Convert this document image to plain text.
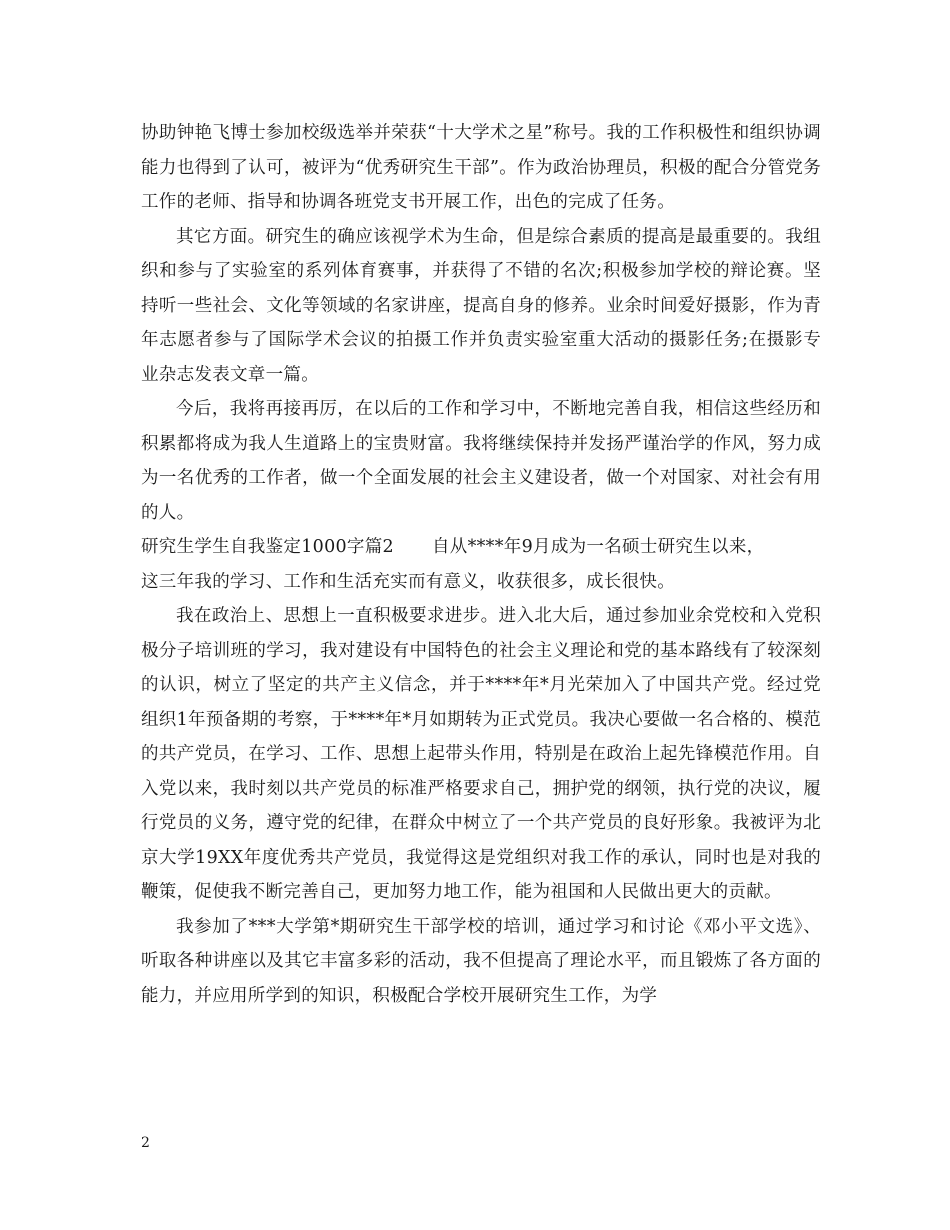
协助钟艳飞博士参加校级选举并荣获“十大学术之星”称号。我的工作积极性和组织协调能力也得到了认可，被评为“优秀研究生干部”。作为政治协理员，积极的配合分管党务工作的老师、指导和协调各班党支书开展工作，出色的完成了任务。

其它方面。研究生的确应该视学术为生命，但是综合素质的提高是最重要的。我组织和参与了实验室的系列体育赛事，并获得了不错的名次;积极参加学校的辩论赛。坚持听一些社会、文化等领域的名家讲座，提高自身的修养。业余时间爱好摄影，作为青年志愿者参与了国际学术会议的拍摄工作并负责实验室重大活动的摄影任务;在摄影专业杂志发表文章一篇。

今后，我将再接再厉，在以后的工作和学习中，不断地完善自我，相信这些经历和积累都将成为我人生道路上的宝贵财富。我将继续保持并发扬严谨治学的作风，努力成为一名优秀的工作者，做一个全面发展的社会主义建设者，做一个对国家、对社会有用的人。

研究生学生自我鉴定1000字篇2 自从****年9月成为一名硕士研究生以来，

这三年我的学习、工作和生活充实而有意义，收获很多，成长很快。

我在政治上、思想上一直积极要求进步。进入北大后，通过参加业余党校和入党积极分子培训班的学习，我对建设有中国特色的社会主义理论和党的基本路线有了较深刻的认识，树立了坚定的共产主义信念，并于****年*月光荣加入了中国共产党。经过党组织1年预备期的考察，于****年*月如期转为正式党员。我决心要做一名合格的、模范的共产党员，在学习、工作、思想上起带头作用，特别是在政治上起先锋模范作用。自入党以来，我时刻以共产党员的标准严格要求自己，拥护党的纲领，执行党的决议，履行党员的义务，遵守党的纪律，在群众中树立了一个共产党员的良好形象。我被评为北京大学19XX年度优秀共产党员，我觉得这是党组织对我工作的承认，同时也是对我的鞭策，促使我不断完善自己，更加努力地工作，能为祖国和人民做出更大的贡献。

我参加了***大学第*期研究生干部学校的培训，通过学习和讨论《邓小平文选》、听取各种讲座以及其它丰富多彩的活动，我不但提高了理论水平，而且锻炼了各方面的能力，并应用所学到的知识，积极配合学校开展研究生工作，为学

2
